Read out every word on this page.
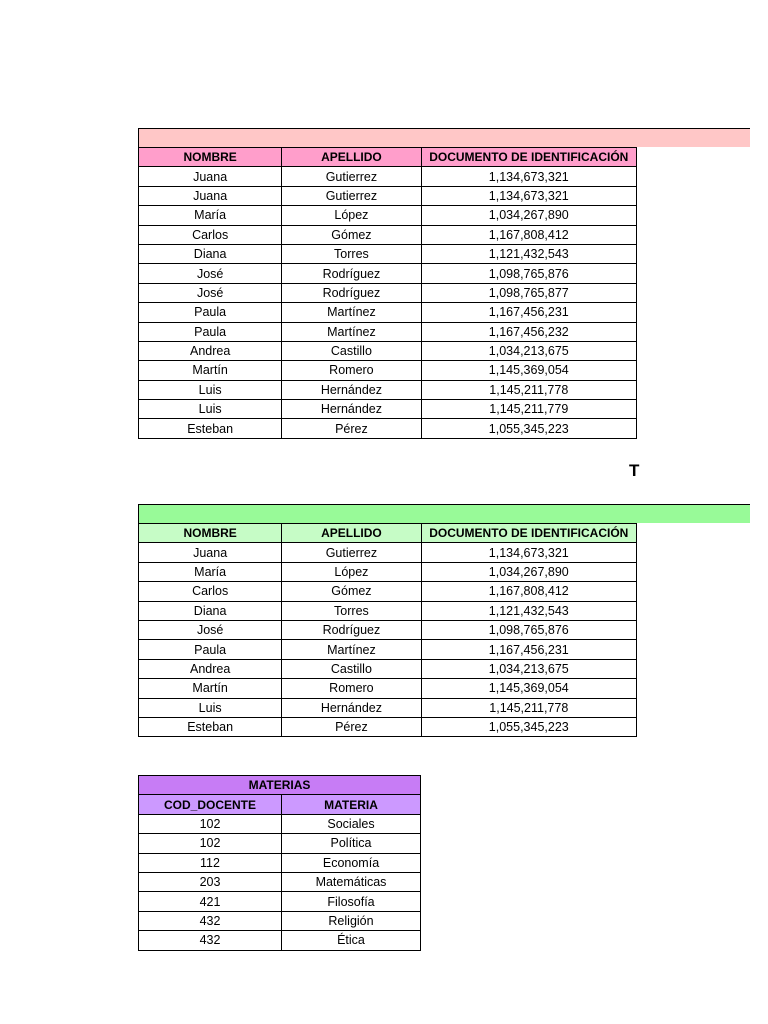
NOMBRE	APELLIDO	DOCUMENTO DE IDENTIFICACIÓN
Juana	Gutierrez	1,134,673,321
Juana	Gutierrez	1,134,673,321
María	López	1,034,267,890
Carlos	Gómez	1,167,808,412
Diana	Torres	1,121,432,543
José	Rodríguez	1,098,765,876
José	Rodríguez	1,098,765,877
Paula	Martínez	1,167,456,231
Paula	Martínez	1,167,456,232
Andrea	Castillo	1,034,213,675
Martín	Romero	1,145,369,054
Luis	Hernández	1,145,211,778
Luis	Hernández	1,145,211,779
Esteban	Pérez	1,055,345,223
T
NOMBRE	APELLIDO	DOCUMENTO DE IDENTIFICACIÓN
Juana	Gutierrez	1,134,673,321
María	López	1,034,267,890
Carlos	Gómez	1,167,808,412
Diana	Torres	1,121,432,543
José	Rodríguez	1,098,765,876
Paula	Martínez	1,167,456,231
Andrea	Castillo	1,034,213,675
Martín	Romero	1,145,369,054
Luis	Hernández	1,145,211,778
Esteban	Pérez	1,055,345,223
MATERIAS	
COD_DOCENTE	MATERIA
102	Sociales
102	Política
112	Economía
203	Matemáticas
421	Filosofía
432	Religión
432	Ética
